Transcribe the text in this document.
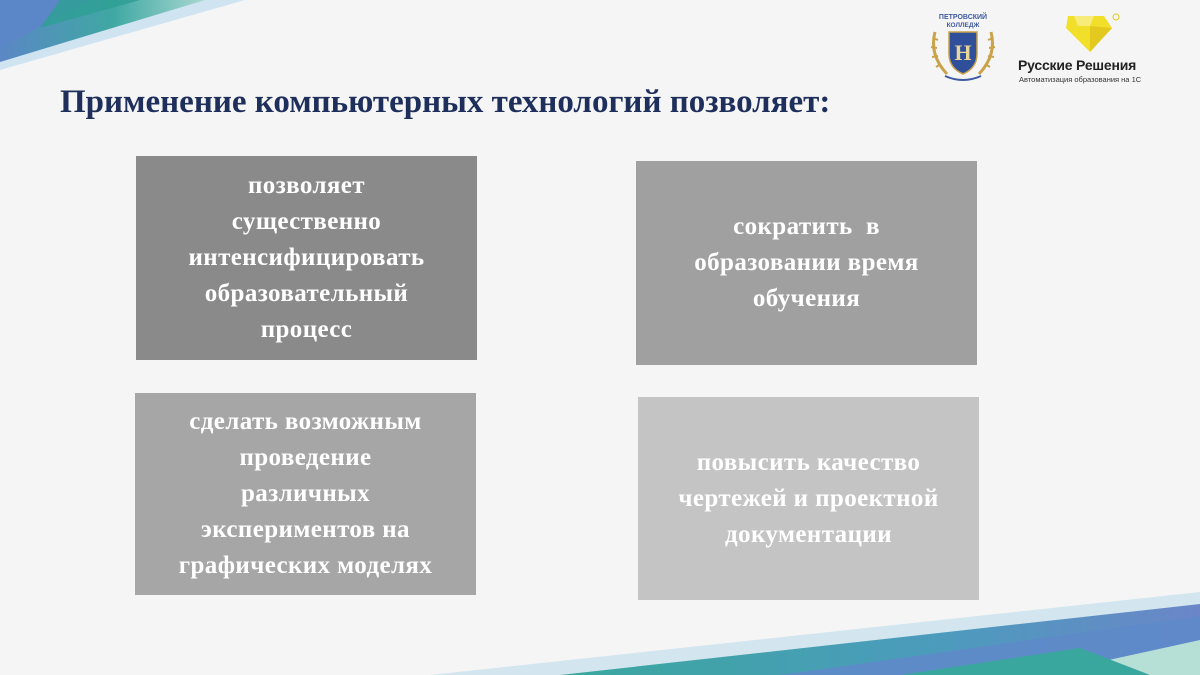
ПЕТРОВСКИЙ
КОЛЛЕДЖ
Н	Русские Решения
Автоматизация образования на 1С
Применение компьютерных технологий позволяет:
позволяет
существенно
интенсифицировать
образовательный
процесс
сократить  в
образовании время
обучения
сделать возможным
проведение
различных
экспериментов на
графических моделях
повысить качество
чертежей и проектной
документации
